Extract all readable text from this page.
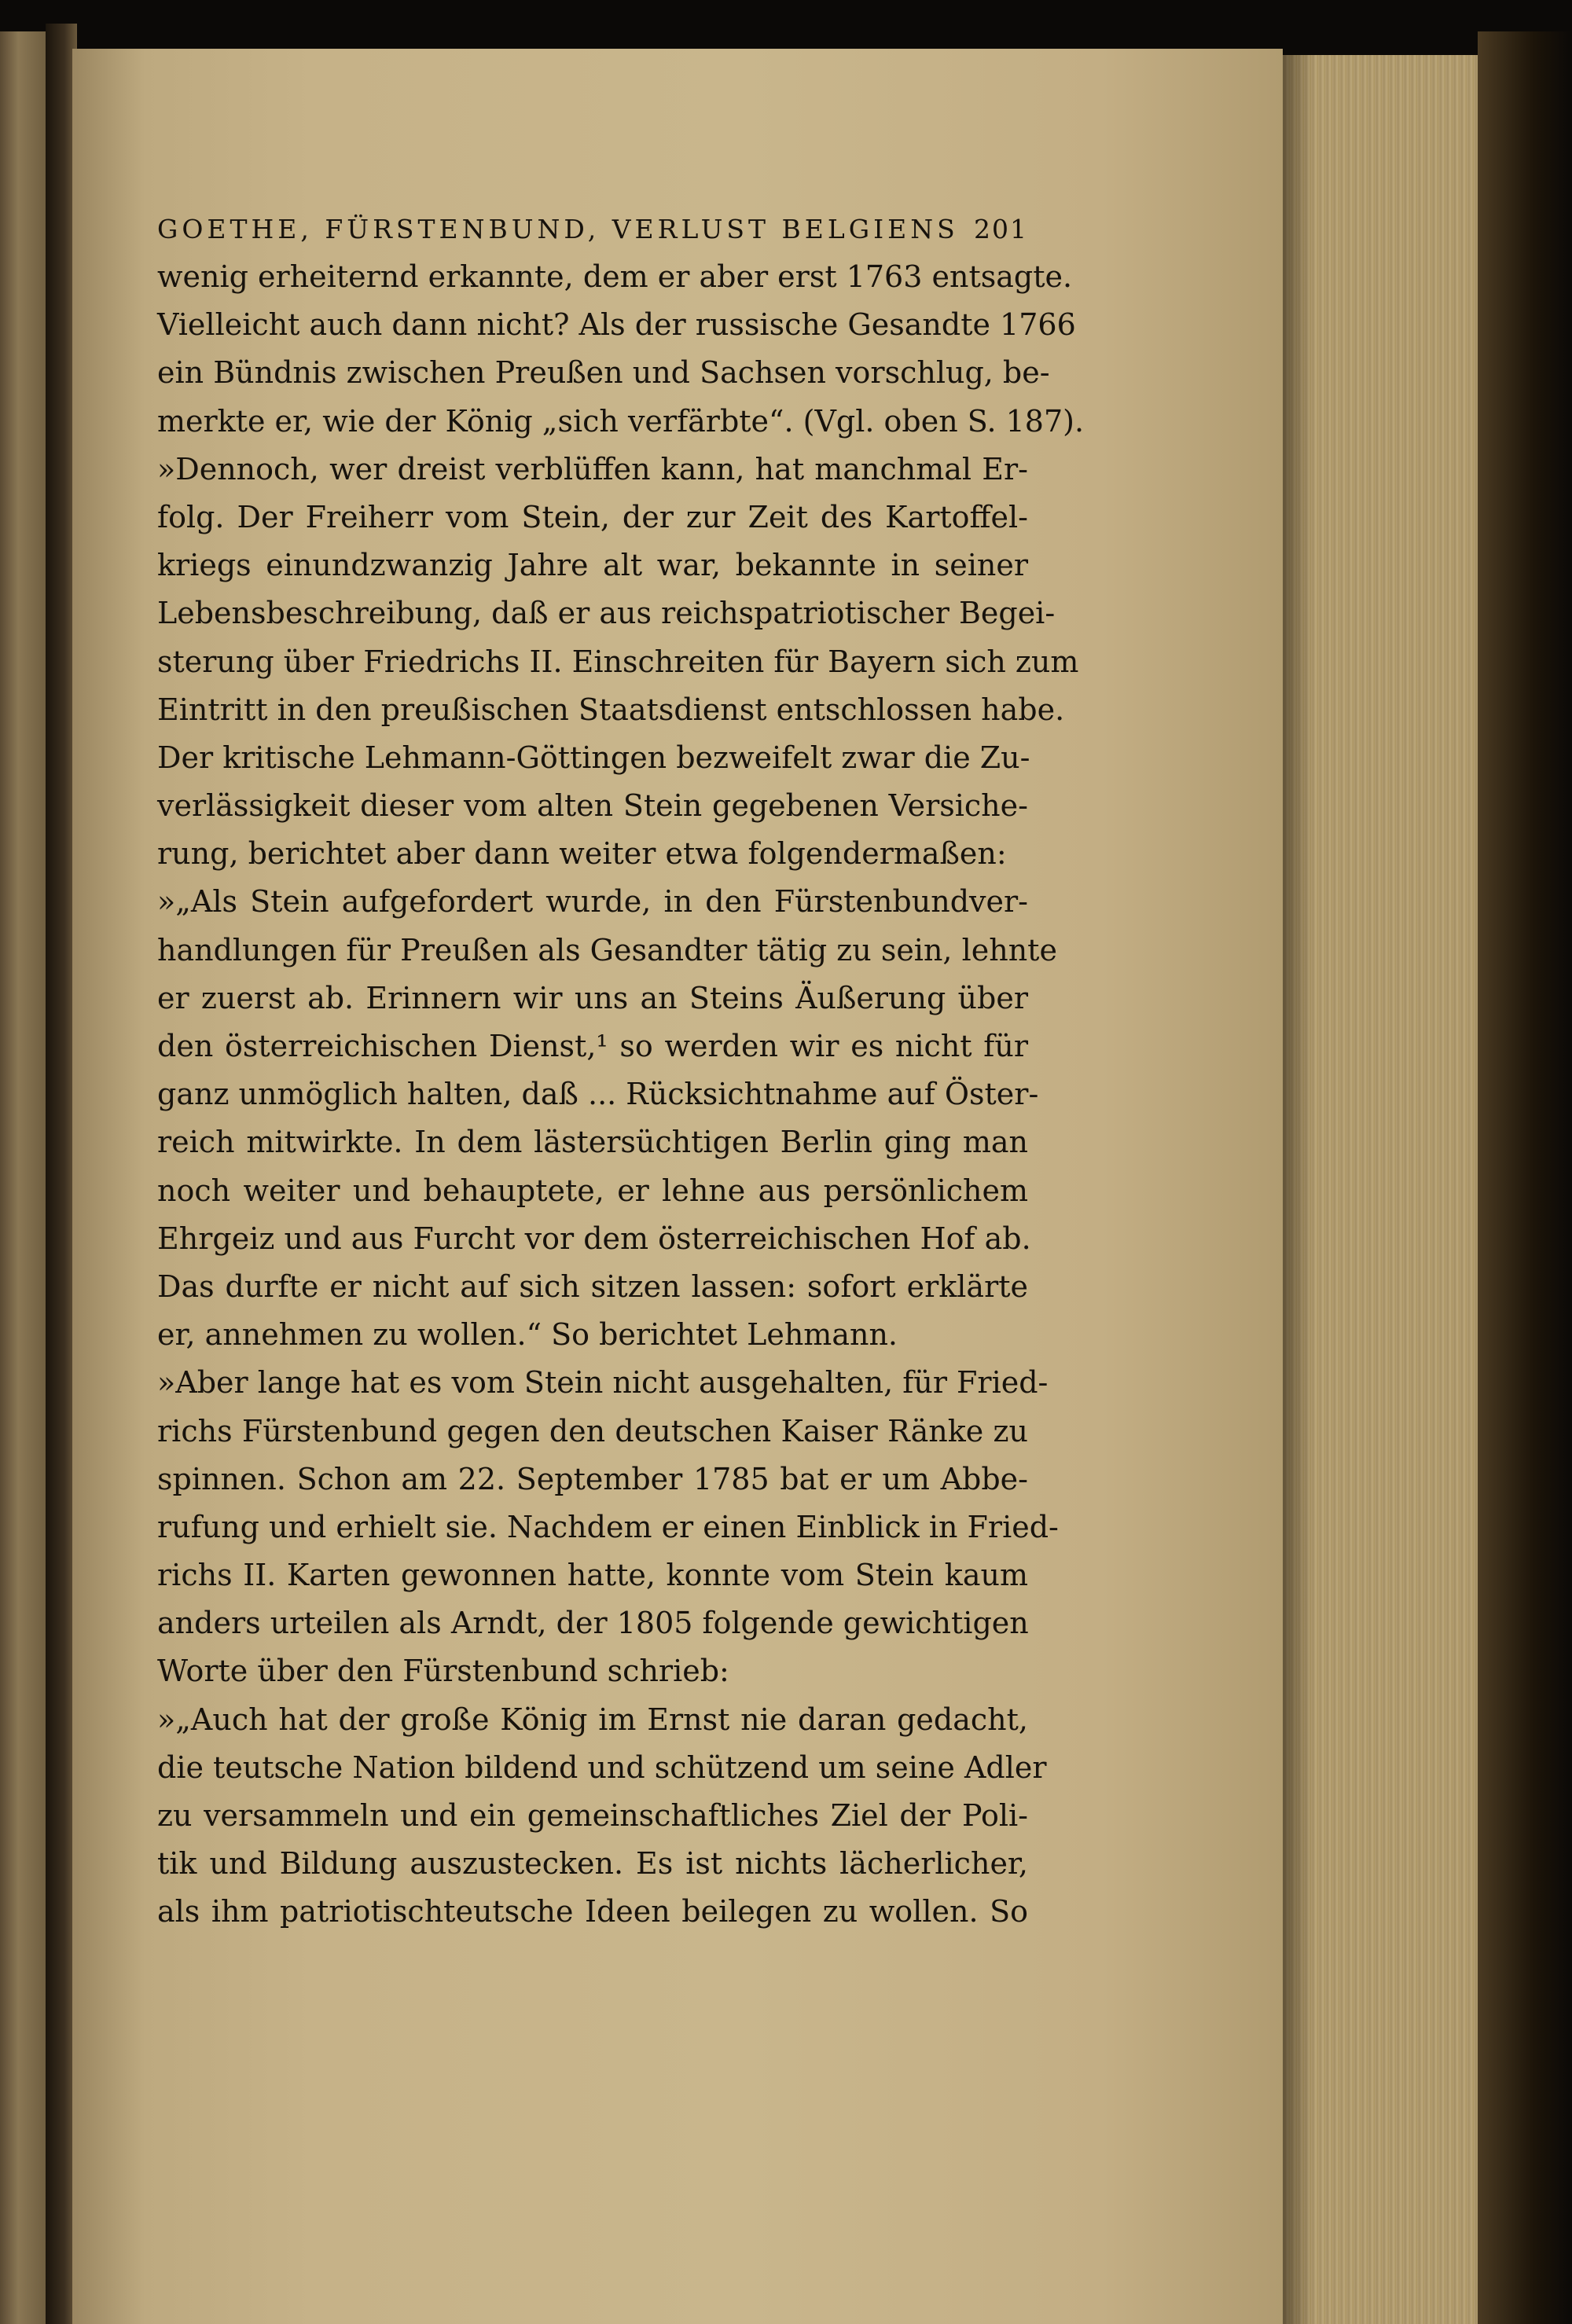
GOETHE, FÜRSTENBUND, VERLUST BELGIENS 201
wenig erheiternd erkannte, dem er aber erst 1763 entsagte.
Vielleicht auch dann nicht? Als der russische Gesandte 1766
ein Bündnis zwischen Preußen und Sachsen vorschlug, be-
merkte er, wie der König „sich verfärbte“. (Vgl. oben S. 187).
»Dennoch, wer dreist verblüffen kann, hat manchmal Er-
folg. Der Freiherr vom Stein, der zur Zeit des Kartoffel-
kriegs einundzwanzig Jahre alt war, bekannte in seiner
Lebensbeschreibung, daß er aus reichspatriotischer Begei-
sterung über Friedrichs II. Einschreiten für Bayern sich zum
Eintritt in den preußischen Staatsdienst entschlossen habe.
Der kritische Lehmann-Göttingen bezweifelt zwar die Zu-
verlässigkeit dieser vom alten Stein gegebenen Versiche-
rung, berichtet aber dann weiter etwa folgendermaßen:
»„Als Stein aufgefordert wurde, in den Fürstenbundver-
handlungen für Preußen als Gesandter tätig zu sein, lehnte
er zuerst ab. Erinnern wir uns an Steins Äußerung über
den österreichischen Dienst,¹ so werden wir es nicht für
ganz unmöglich halten, daß ... Rücksichtnahme auf Öster-
reich mitwirkte. In dem lästersüchtigen Berlin ging man
noch weiter und behauptete, er lehne aus persönlichem
Ehrgeiz und aus Furcht vor dem österreichischen Hof ab.
Das durfte er nicht auf sich sitzen lassen: sofort erklärte
er, annehmen zu wollen.“ So berichtet Lehmann.
»Aber lange hat es vom Stein nicht ausgehalten, für Fried-
richs Fürstenbund gegen den deutschen Kaiser Ränke zu
spinnen. Schon am 22. September 1785 bat er um Abbe-
rufung und erhielt sie. Nachdem er einen Einblick in Fried-
richs II. Karten gewonnen hatte, konnte vom Stein kaum
anders urteilen als Arndt, der 1805 folgende gewichtigen
Worte über den Fürstenbund schrieb:
»„Auch hat der große König im Ernst nie daran gedacht,
die teutsche Nation bildend und schützend um seine Adler
zu versammeln und ein gemeinschaftliches Ziel der Poli-
tik und Bildung auszustecken. Es ist nichts lächerlicher,
als ihm patriotischteutsche Ideen beilegen zu wollen. So
